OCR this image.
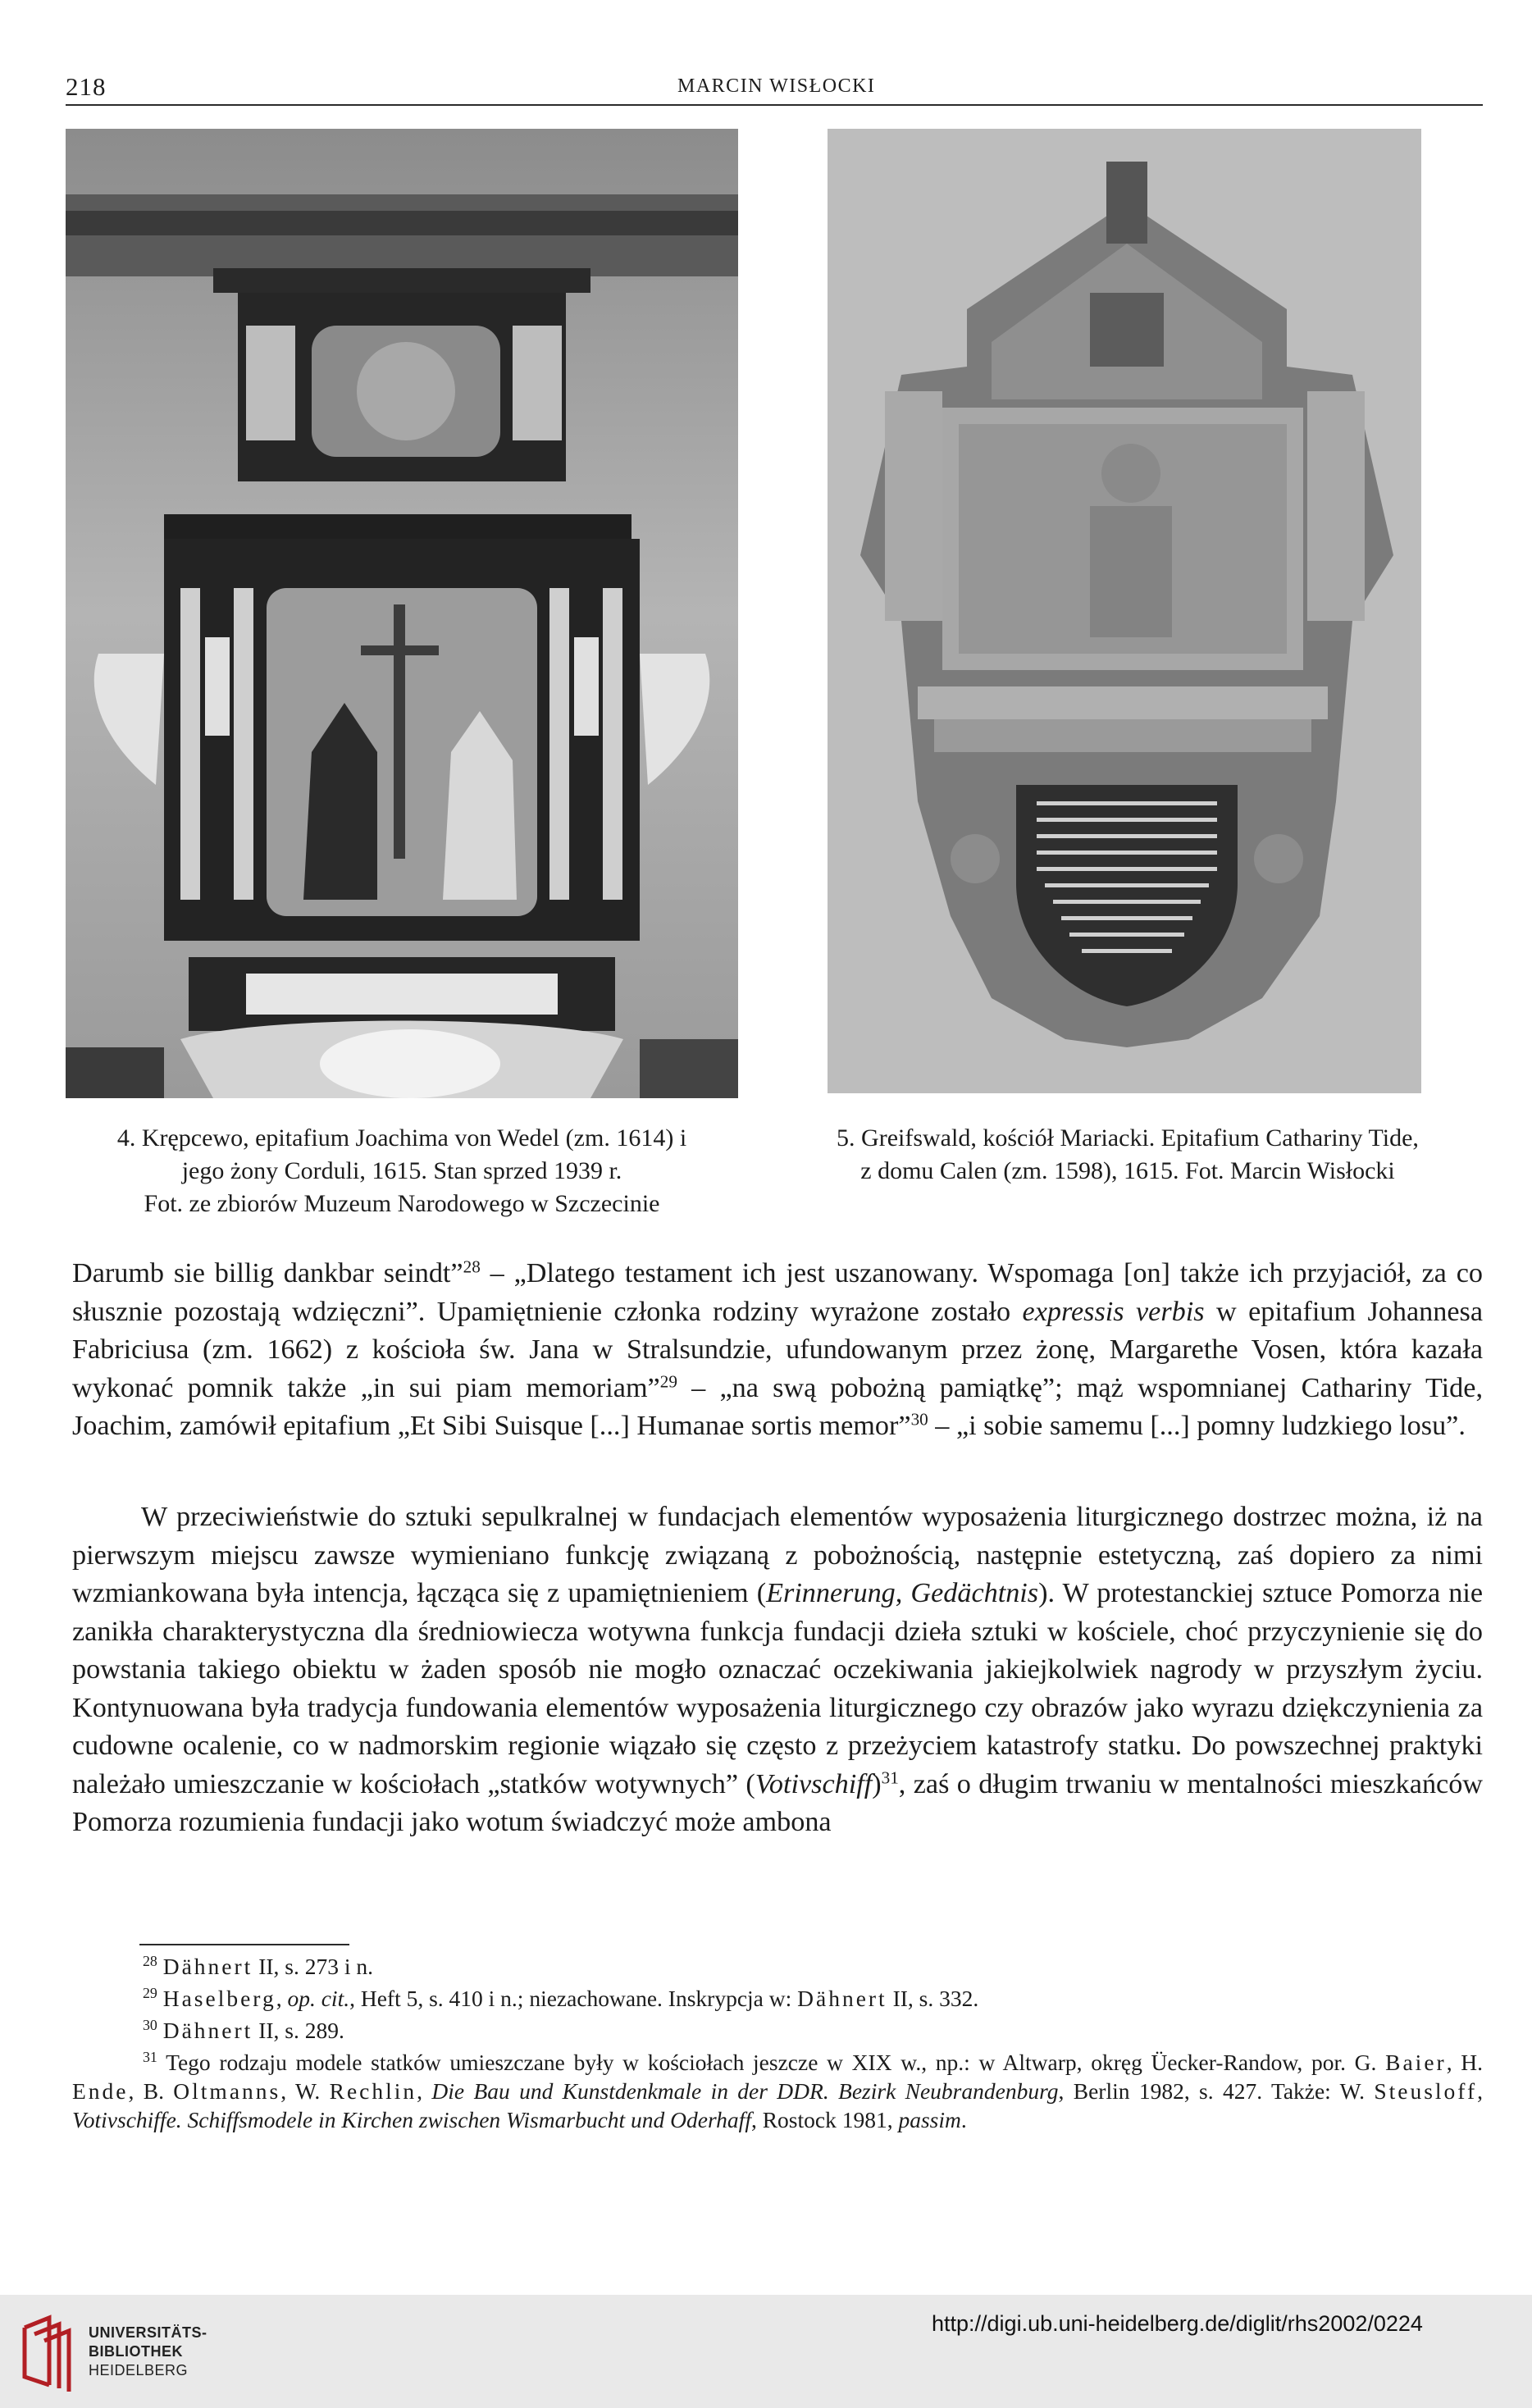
218	MARCIN WISŁOCKI
4. Krępcewo, epitafium Joachima von Wedel (zm. 1614) i
jego żony Corduli, 1615. Stan sprzed 1939 r.
Fot. ze zbiorów Muzeum Narodowego w Szczecinie
5. Greifswald, kościół Mariacki. Epitafium Cathariny Tide,
z domu Calen (zm. 1598), 1615. Fot. Marcin Wisłocki

Darumb sie billig dankbar seindt”$^{28}$ – „Dlatego testament ich jest uszanowany. Wspomaga [on] także ich przyjaciół, za co słusznie pozostają wdzięczni”. Upamiętnienie członka rodziny wyrażone zostało expressis verbis w epitafium Johannesa Fabriciusa (zm. 1662) z kościoła św. Jana w Stralsundzie, ufundowanym przez żonę, Margarethe Vosen, która kazała wykonać pomnik także „in sui piam memoriam”$^{29}$ – „na swą pobożną pamiątkę”; mąż wspomnianej Cathariny Tide, Joachim, zamówił epitafium „Et Sibi Suisque [...] Humanae sortis memor”$^{30}$ – „i sobie samemu [...] pomny ludzkiego losu”.

W przeciwieństwie do sztuki sepulkralnej w fundacjach elementów wyposażenia liturgicznego dostrzec można, iż na pierwszym miejscu zawsze wymieniano funkcję związaną z pobożnością, następnie estetyczną, zaś dopiero za nimi wzmiankowana była intencja, łącząca się z upamiętnieniem (Erinnerung, Gedächtnis). W protestanckiej sztuce Pomorza nie zanikła charakterystyczna dla średniowiecza wotywna funkcja fundacji dzieła sztuki w kościele, choć przyczynienie się do powstania takiego obiektu w żaden sposób nie mogło oznaczać oczekiwania jakiejkolwiek nagrody w przyszłym życiu. Kontynuowana była tradycja fundowania elementów wyposażenia liturgicznego czy obrazów jako wyrazu dziękczynienia za cudowne ocalenie, co w nadmorskim regionie wiązało się często z przeżyciem katastrofy statku. Do powszechnej praktyki należało umieszczanie w kościołach „statków wotywnych” (Votivschiff)$^{31}$, zaś o długim trwaniu w mentalności mieszkańców Pomorza rozumienia fundacji jako wotum świadczyć może ambona

$^{28}$ Dähnert II, s. 273 i n.

$^{29}$ Haselberg, op. cit., Heft 5, s. 410 i n.; niezachowane. Inskrypcja w: Dähnert II, s. 332.

$^{30}$ Dähnert II, s. 289.

$^{31}$ Tego rodzaju modele statków umieszczane były w kościołach jeszcze w XIX w., np.: w Altwarp, okręg Üecker-Randow, por. G. Baier, H. Ende, B. Oltmanns, W. Rechlin, Die Bau und Kunstdenkmale in der DDR. Bezirk Neubrandenburg, Berlin 1982, s. 427. Także: W. Steusloff, Votivschiffe. Schiffsmodele in Kirchen zwischen Wismarbucht und Oderhaff, Rostock 1981, passim.

UNIVERSITÄTS-
BIBLIOTHEK
HEIDELBERG
http://digi.ub.uni-heidelberg.de/diglit/rhs2002/0224
